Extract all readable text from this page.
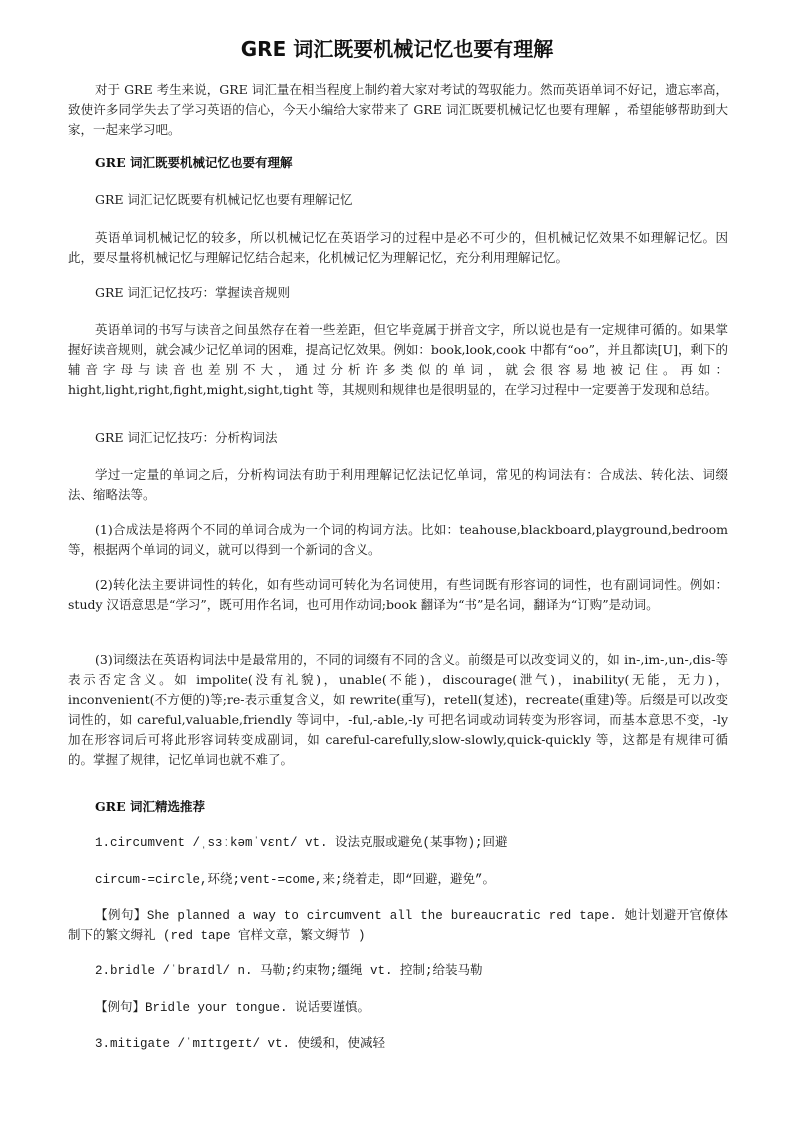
GRE 词汇既要机械记忆也要有理解

对于 GRE 考生来说，GRE 词汇量在相当程度上制约着大家对考试的驾驭能力。然而英语单词不好记，遗忘率高，致使许多同学失去了学习英语的信心，今天小编给大家带来了 GRE 词汇既要机械记忆也要有理解 ，希望能够帮助到大家，一起来学习吧。

GRE 词汇既要机械记忆也要有理解

GRE 词汇记忆既要有机械记忆也要有理解记忆

英语单词机械记忆的较多，所以机械记忆在英语学习的过程中是必不可少的，但机械记忆效果不如理解记忆。因此，要尽量将机械记忆与理解记忆结合起来，化机械记忆为理解记忆，充分利用理解记忆。

GRE 词汇记忆技巧：掌握读音规则

英语单词的书写与读音之间虽然存在着一些差距，但它毕竟属于拼音文字，所以说也是有一定规律可循的。如果掌握好读音规则，就会减少记忆单词的困难，提高记忆效果。例如：book,look,cook 中都有“oo”，并且都读[U]，剩下的辅音字母与读音也差别不大，通过分析许多类似的单词，就会很容易地被记住。再如： hight,light,right,fight,might,sight,tight 等，其规则和规律也是很明显的，在学习过程中一定要善于发现和总结。

GRE 词汇记忆技巧：分析构词法

学过一定量的单词之后，分析构词法有助于利用理解记忆法记忆单词，常见的构词法有：合成法、转化法、词缀法、缩略法等。

(1)合成法是将两个不同的单词合成为一个词的构词方法。比如：teahouse,blackboard,playground,bedroom 等，根据两个单词的词义，就可以得到一个新词的含义。

(2)转化法主要讲词性的转化，如有些动词可转化为名词使用，有些词既有形容词的词性，也有副词词性。例如：study 汉语意思是“学习”，既可用作名词，也可用作动词;book 翻译为“书”是名词，翻译为“订购”是动词。

(3)词缀法在英语构词法中是最常用的，不同的词缀有不同的含义。前缀是可以改变词义的，如 in-,im-,un-,dis-等表示否定含义。如 impolite(没有礼貌)，unable(不能)，discourage(泄气)，inability(无能，无力)，inconvenient(不方便的)等;re-表示重复含义，如 rewrite(重写)，retell(复述)，recreate(重建)等。后缀是可以改变词性的，如 careful,valuable,friendly 等词中，-ful,-able,-ly 可把名词或动词转变为形容词，而基本意思不变，-ly 加在形容词后可将此形容词转变成副词，如 careful-carefully,slow-slowly,quick-quickly 等，这都是有规律可循的。掌握了规律，记忆单词也就不难了。

GRE 词汇精选推荐

1.circumvent /ˌsɜːkəmˈvɛnt/ vt. 设法克服或避免(某事物);回避

circum-=circle,环绕;vent-=come,来;绕着走，即“回避，避免”。

【例句】She planned a way to circumvent all the bureaucratic red tape. 她计划避开官僚体制下的繁文缛礼 (red tape 官样文章，繁文缛节 )

2.bridle /ˈbraɪdl/ n. 马勒;约束物;缰绳 vt. 控制;给装马勒

【例句】Bridle your tongue. 说话要谨慎。

3.mitigate /ˈmɪtɪɡeɪt/ vt. 使缓和，使减轻
